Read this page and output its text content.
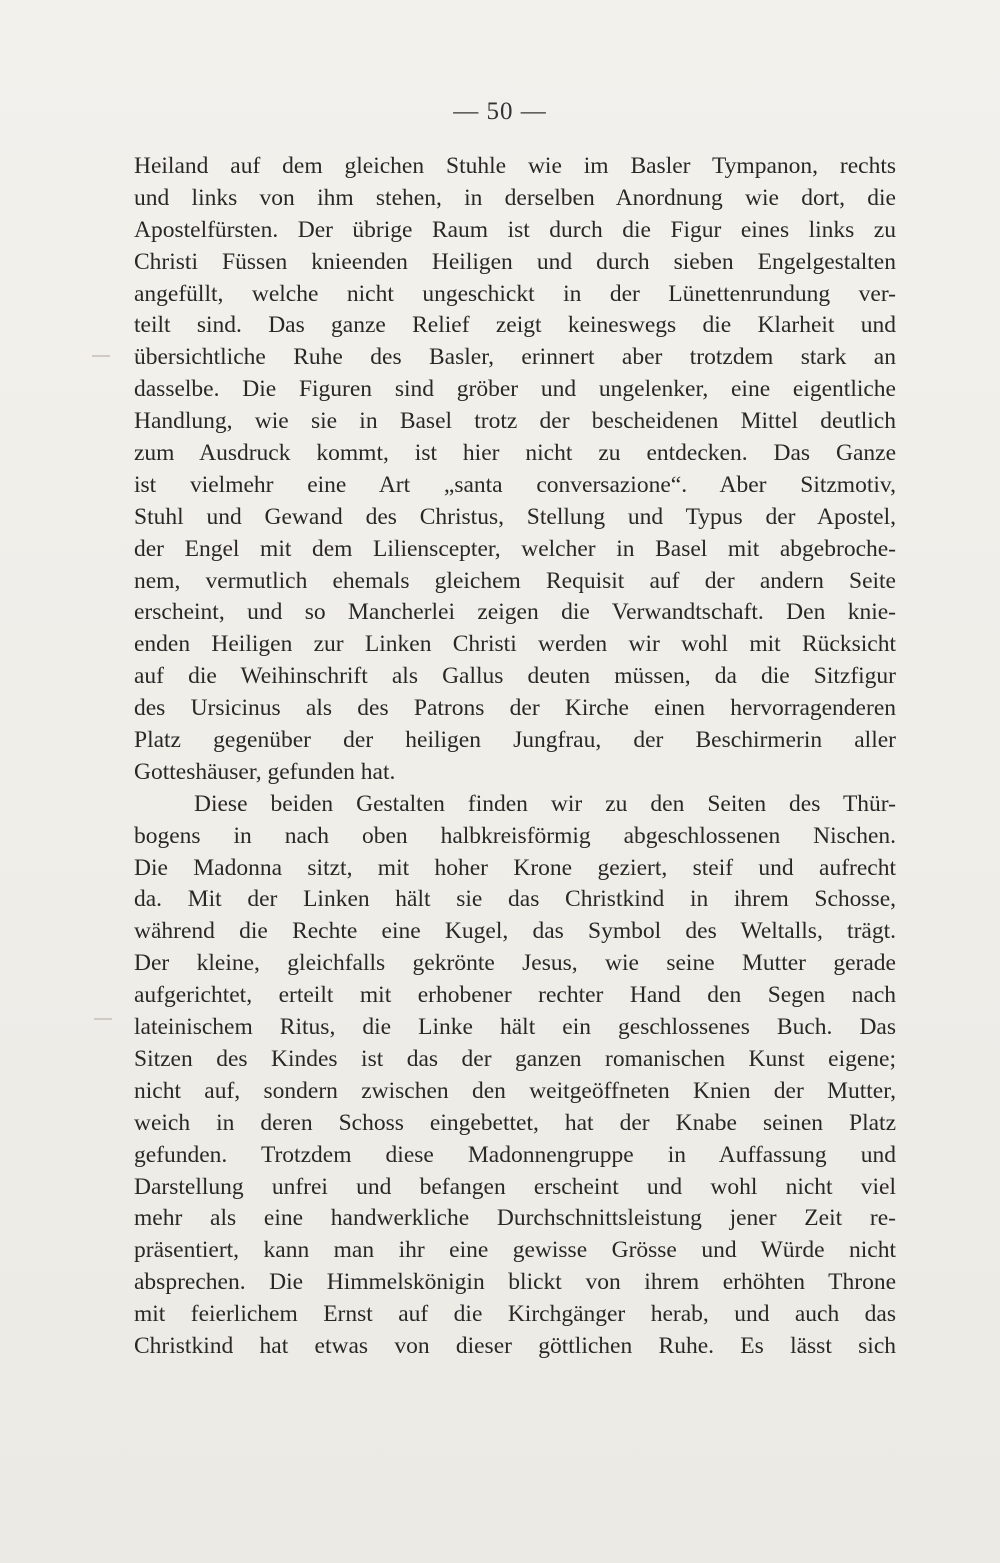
— 50 —
Heiland auf dem gleichen Stuhle wie im Basler Tympanon, rechts
und links von ihm stehen, in derselben Anordnung wie dort, die
Apostelfürsten. Der übrige Raum ist durch die Figur eines links zu
Christi Füssen knieenden Heiligen und durch sieben Engelgestalten
angefüllt, welche nicht ungeschickt in der Lünettenrundung ver-
teilt sind. Das ganze Relief zeigt keineswegs die Klarheit und
übersichtliche Ruhe des Basler, erinnert aber trotzdem stark an
dasselbe. Die Figuren sind gröber und ungelenker, eine eigentliche
Handlung, wie sie in Basel trotz der bescheidenen Mittel deutlich
zum Ausdruck kommt, ist hier nicht zu entdecken. Das Ganze
ist vielmehr eine Art „santa conversazione“. Aber Sitzmotiv,
Stuhl und Gewand des Christus, Stellung und Typus der Apostel,
der Engel mit dem Lilienscepter, welcher in Basel mit abgebroche-
nem, vermutlich ehemals gleichem Requisit auf der andern Seite
erscheint, und so Mancherlei zeigen die Verwandtschaft. Den knie-
enden Heiligen zur Linken Christi werden wir wohl mit Rücksicht
auf die Weihinschrift als Gallus deuten müssen, da die Sitzfigur
des Ursicinus als des Patrons der Kirche einen hervorragenderen
Platz gegenüber der heiligen Jungfrau, der Beschirmerin aller
Gotteshäuser, gefunden hat.
Diese beiden Gestalten finden wir zu den Seiten des Thür-
bogens in nach oben halbkreisförmig abgeschlossenen Nischen.
Die Madonna sitzt, mit hoher Krone geziert, steif und aufrecht
da. Mit der Linken hält sie das Christkind in ihrem Schosse,
während die Rechte eine Kugel, das Symbol des Weltalls, trägt.
Der kleine, gleichfalls gekrönte Jesus, wie seine Mutter gerade
aufgerichtet, erteilt mit erhobener rechter Hand den Segen nach
lateinischem Ritus, die Linke hält ein geschlossenes Buch. Das
Sitzen des Kindes ist das der ganzen romanischen Kunst eigene;
nicht auf, sondern zwischen den weitgeöffneten Knien der Mutter,
weich in deren Schoss eingebettet, hat der Knabe seinen Platz
gefunden. Trotzdem diese Madonnengruppe in Auffassung und
Darstellung unfrei und befangen erscheint und wohl nicht viel
mehr als eine handwerkliche Durchschnittsleistung jener Zeit re-
präsentiert, kann man ihr eine gewisse Grösse und Würde nicht
absprechen. Die Himmelskönigin blickt von ihrem erhöhten Throne
mit feierlichem Ernst auf die Kirchgänger herab, und auch das
Christkind hat etwas von dieser göttlichen Ruhe. Es lässt sich
